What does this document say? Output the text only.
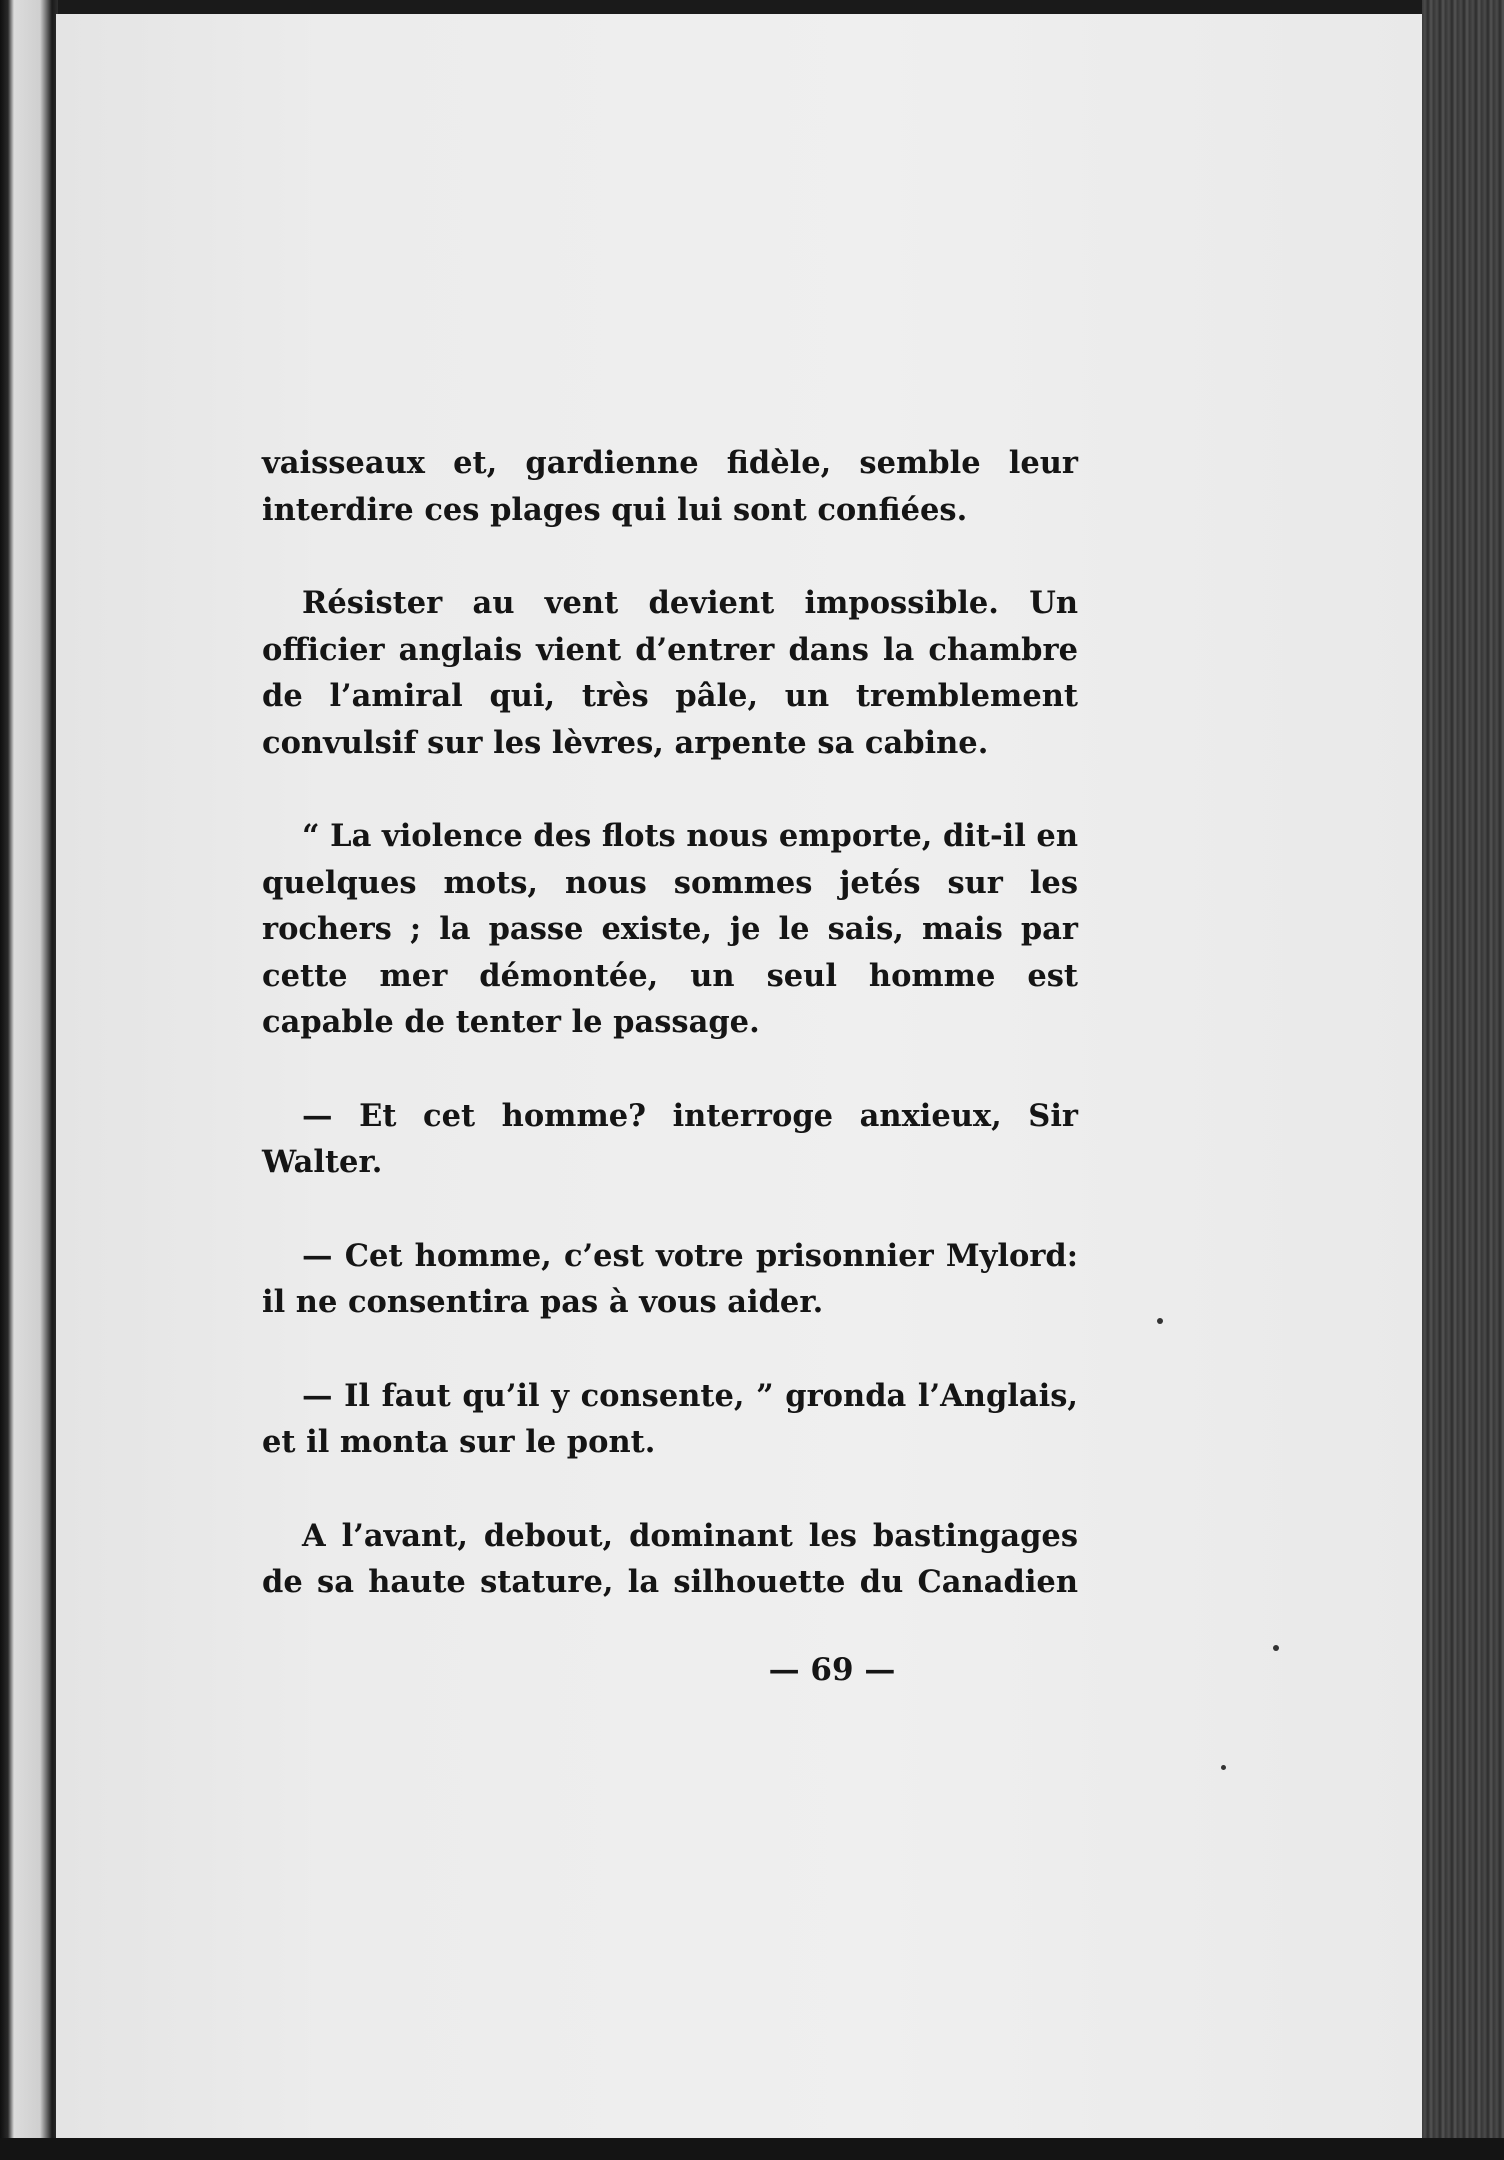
vaisseaux et, gardienne fidèle, semble leur interdire ces plages qui lui sont confiées.

Résister au vent devient impossible. Un officier anglais vient d’entrer dans la chambre de l’amiral qui, très pâle, un tremblement convulsif sur les lèvres, arpente sa cabine.

“ La violence des flots nous emporte, dit-il en quelques mots, nous sommes jetés sur les rochers ; la passe existe, je le sais, mais par cette mer démontée, un seul homme est capable de tenter le passage.

— Et cet homme? interroge anxieux, Sir Walter.

— Cet homme, c’est votre prisonnier Mylord: il ne consentira pas à vous aider.

— Il faut qu’il y consente, ” gronda l’Anglais, et il monta sur le pont.

A l’avant, debout, dominant les bastingages de sa haute stature, la silhouette du Canadien

— 69 —
